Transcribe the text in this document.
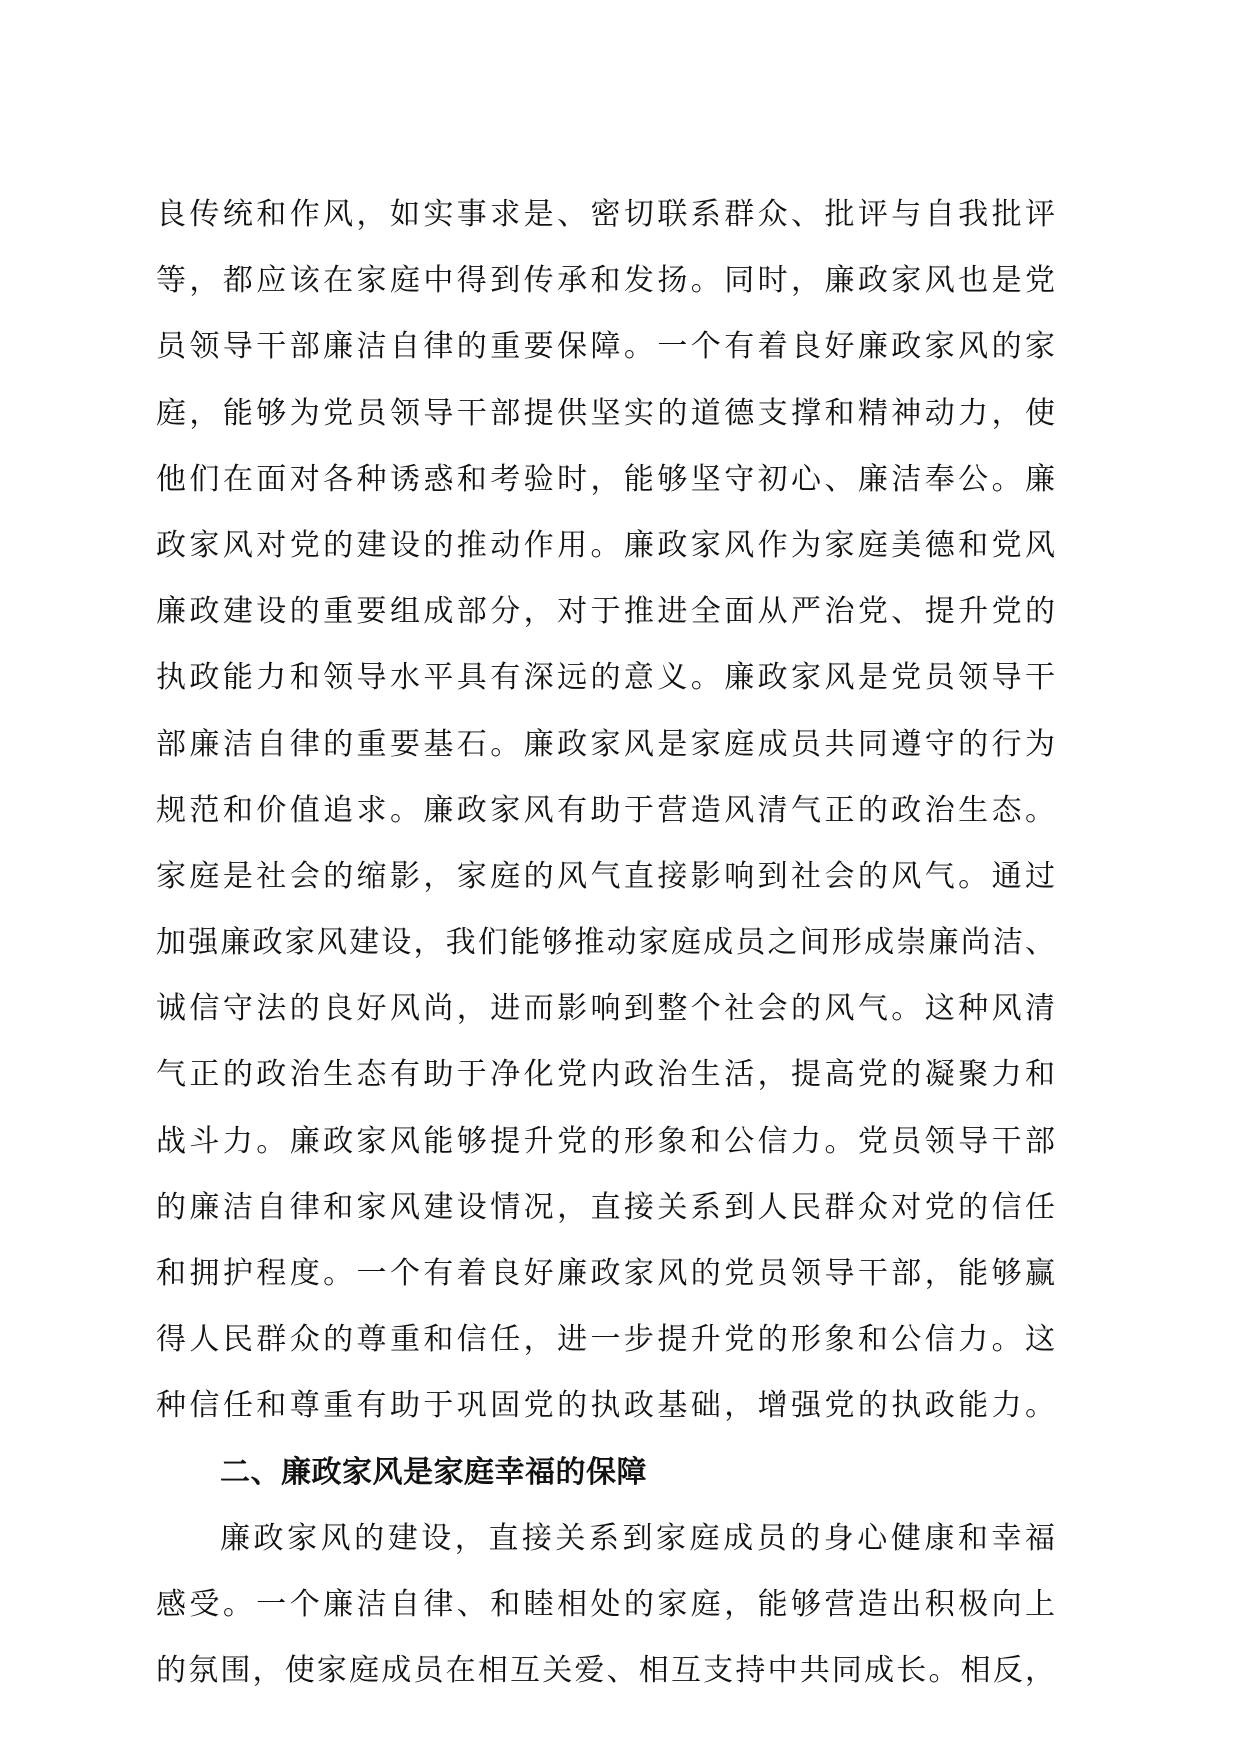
良传统和作风，如实事求是、密切联系群众、批评与自我批评
等，都应该在家庭中得到传承和发扬。同时，廉政家风也是党
员领导干部廉洁自律的重要保障。一个有着良好廉政家风的家
庭，能够为党员领导干部提供坚实的道德支撑和精神动力，使
他们在面对各种诱惑和考验时，能够坚守初心、廉洁奉公。廉
政家风对党的建设的推动作用。廉政家风作为家庭美德和党风
廉政建设的重要组成部分，对于推进全面从严治党、提升党的
执政能力和领导水平具有深远的意义。廉政家风是党员领导干
部廉洁自律的重要基石。廉政家风是家庭成员共同遵守的行为
规范和价值追求。廉政家风有助于营造风清气正的政治生态。
家庭是社会的缩影，家庭的风气直接影响到社会的风气。通过
加强廉政家风建设，我们能够推动家庭成员之间形成崇廉尚洁、
诚信守法的良好风尚，进而影响到整个社会的风气。这种风清
气正的政治生态有助于净化党内政治生活，提高党的凝聚力和
战斗力。廉政家风能够提升党的形象和公信力。党员领导干部
的廉洁自律和家风建设情况，直接关系到人民群众对党的信任
和拥护程度。一个有着良好廉政家风的党员领导干部，能够赢
得人民群众的尊重和信任，进一步提升党的形象和公信力。这
种信任和尊重有助于巩固党的执政基础，增强党的执政能力。
二、廉政家风是家庭幸福的保障
廉政家风的建设，直接关系到家庭成员的身心健康和幸福
感受。一个廉洁自律、和睦相处的家庭，能够营造出积极向上
的氛围，使家庭成员在相互关爱、相互支持中共同成长。相反，
